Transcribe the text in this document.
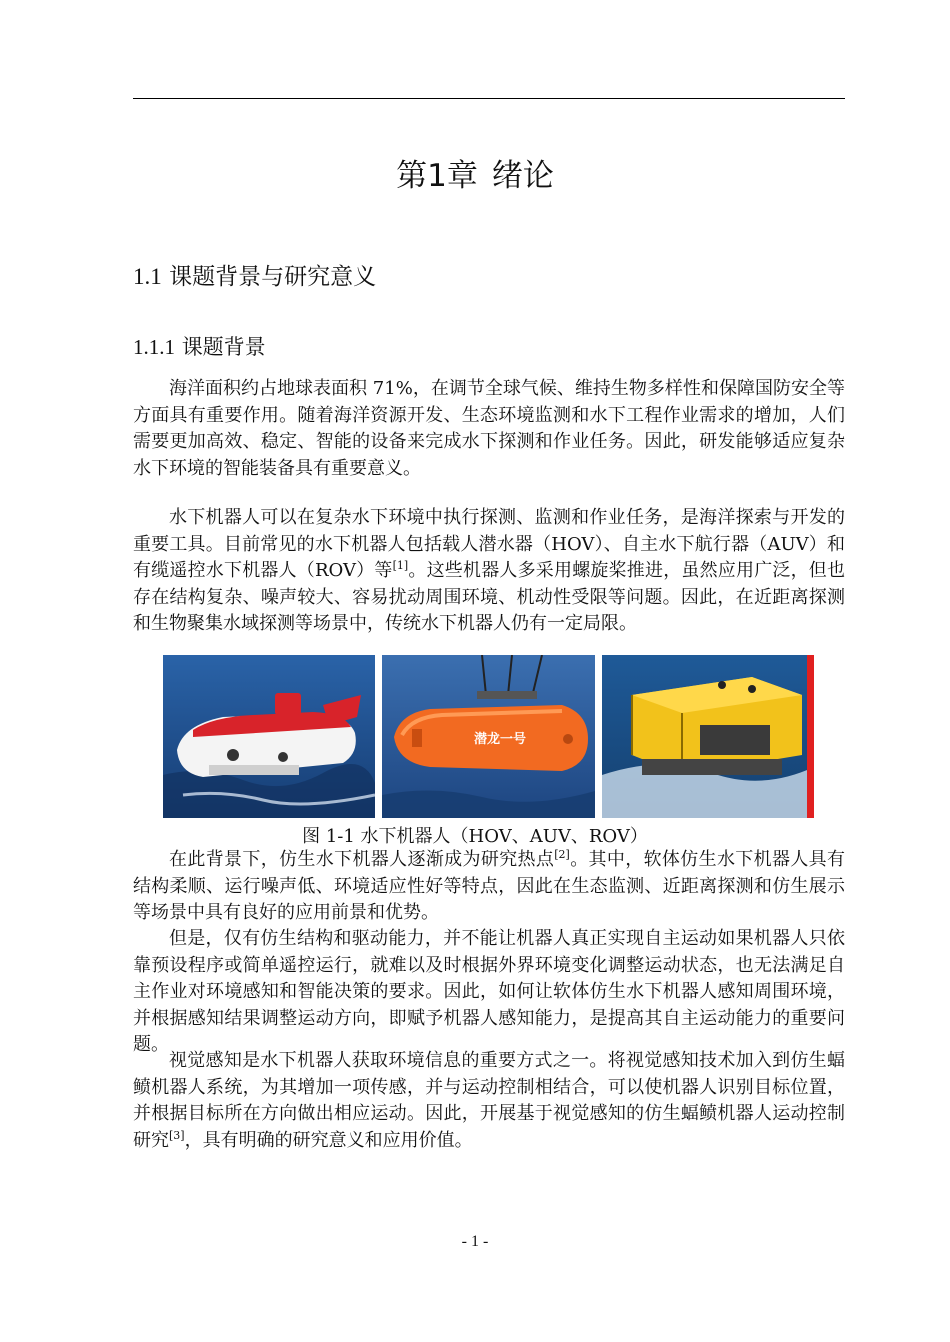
第1章 绪论
1.1 课题背景与研究意义
1.1.1 课题背景

海洋面积约占地球表面积 71%，在调节全球气候、维持生物多样性和保障国防安全等方面具有重要作用。随着海洋资源开发、生态环境监测和水下工程作业需求的增加，人们需要更加高效、稳定、智能的设备来完成水下探测和作业任务。因此，研发能够适应复杂水下环境的智能装备具有重要意义。

水下机器人可以在复杂水下环境中执行探测、监测和作业任务，是海洋探索与开发的重要工具。目前常见的水下机器人包括载人潜水器（HOV）、自主水下航行器（AUV）和有缆遥控水下机器人（ROV）等[1]。这些机器人多采用螺旋桨推进，虽然应用广泛，但也存在结构复杂、噪声较大、容易扰动周围环境、机动性受限等问题。因此，在近距离探测和生物聚集水域探测等场景中，传统水下机器人仍有一定局限。

潜龙一号
图 1-1 水下机器人（HOV、AUV、ROV）

在此背景下，仿生水下机器人逐渐成为研究热点[2]。其中，软体仿生水下机器人具有结构柔顺、运行噪声低、环境适应性好等特点，因此在生态监测、近距离探测和仿生展示等场景中具有良好的应用前景和优势。

但是，仅有仿生结构和驱动能力，并不能让机器人真正实现自主运动如果机器人只依靠预设程序或简单遥控运行，就难以及时根据外界环境变化调整运动状态，也无法满足自主作业对环境感知和智能决策的要求。因此，如何让软体仿生水下机器人感知周围环境，并根据感知结果调整运动方向，即赋予机器人感知能力，是提高其自主运动能力的重要问题。

视觉感知是水下机器人获取环境信息的重要方式之一。将视觉感知技术加入到仿生蝠鲼机器人系统，为其增加一项传感，并与运动控制相结合，可以使机器人识别目标位置，并根据目标所在方向做出相应运动。因此，开展基于视觉感知的仿生蝠鲼机器人运动控制研究[3]，具有明确的研究意义和应用价值。

- 1 -
